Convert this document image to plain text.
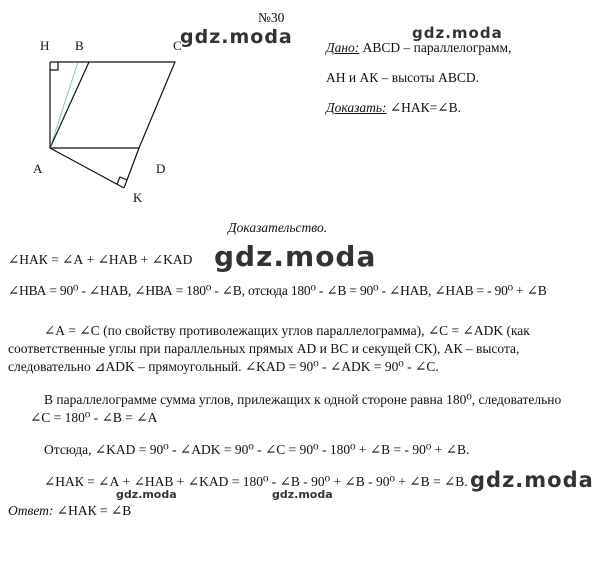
№30
H B	C
A	D
K
gdz.moda	gdz.moda
Дано: ABCD – параллелограмм,
АН и АК – высоты ABCD.
Доказать: ∠НАК=∠В.
Доказательство.
∠НАК = ∠А + ∠НАВ + ∠KAD gdz.moda
∠НВА = 90⁰ - ∠НАВ, ∠НВА = 180⁰ - ∠В, отсюда 180⁰ - ∠В = 90⁰ - ∠НАВ, ∠НАВ = - 90⁰ + ∠В
∠А = ∠С (по свойству противолежащих углов параллелограмма), ∠С = ∠ADK (как
соответственные углы при параллельных прямых AD и ВС и секущей СК), АК – высота,
следовательно ⊿ADK – прямоугольный. ∠KAD = 90⁰ - ∠ADK = 90⁰ - ∠С.
В параллелограмме сумма углов, прилежащих к одной стороне равна 180⁰, следовательно
∠С = 180⁰ - ∠В = ∠А
Отсюда, ∠KAD = 90⁰ - ∠ADK = 90⁰ - ∠С = 90⁰ - 180⁰ + ∠В = - 90⁰ + ∠В.
∠НАК = ∠А + ∠НАВ + ∠KAD = 180⁰ - ∠В - 90⁰ + ∠В - 90⁰ + ∠В = ∠В. gdz.moda
gdz.moda	gdz.moda
Ответ: ∠НАК = ∠В
